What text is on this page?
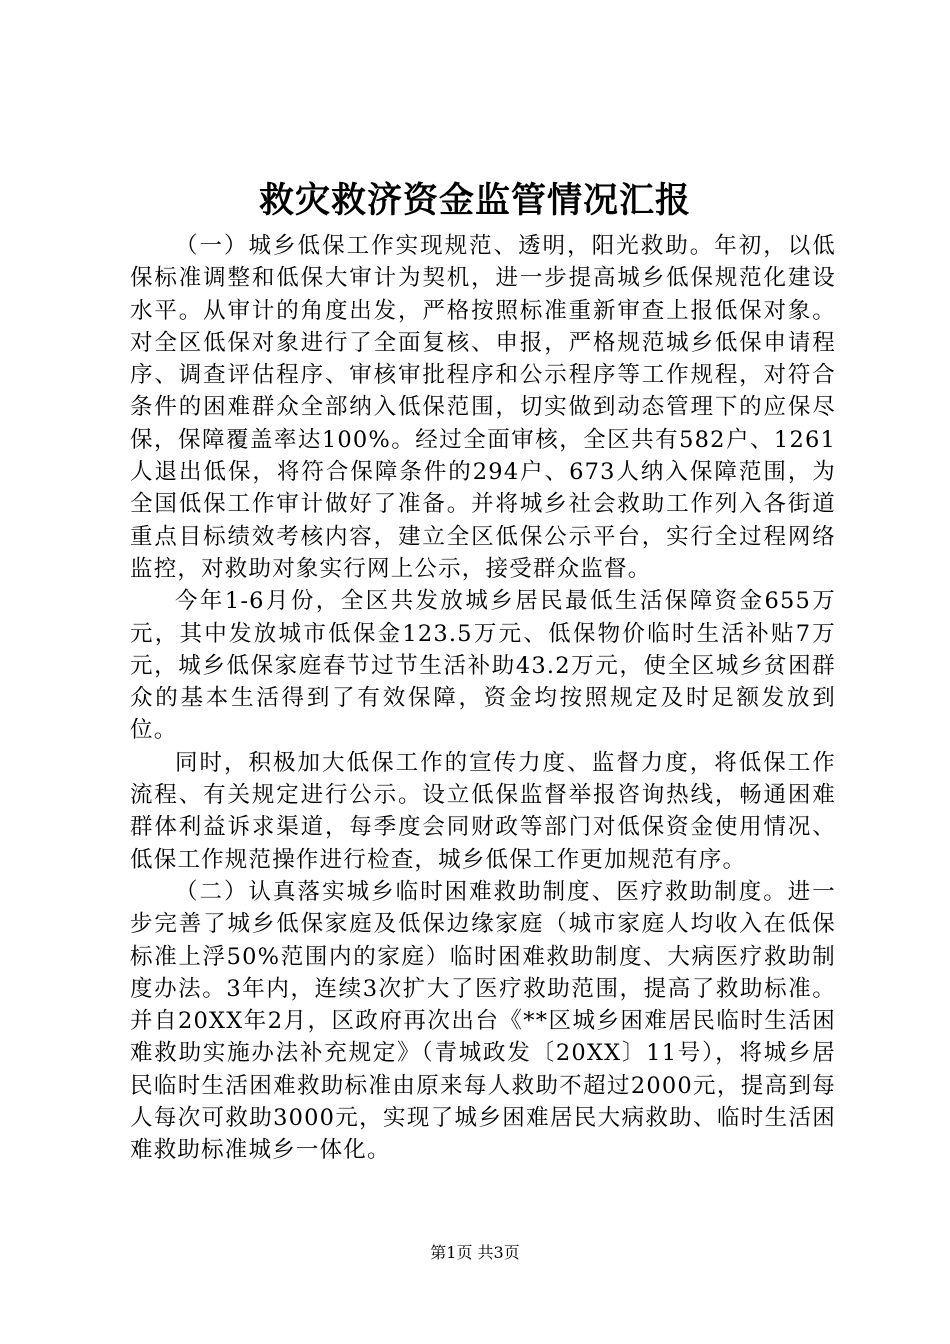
救灾救济资金监管情况汇报

（一）城乡低保工作实现规范、透明，阳光救助。年初，以低保标准调整和低保大审计为契机，进一步提高城乡低保规范化建设水平。从审计的角度出发，严格按照标准重新审查上报低保对象。对全区低保对象进行了全面复核、申报，严格规范城乡低保申请程序、调查评估程序、审核审批程序和公示程序等工作规程，对符合条件的困难群众全部纳入低保范围，切实做到动态管理下的应保尽保，保障覆盖率达100%。经过全面审核，全区共有582户、1261人退出低保，将符合保障条件的294户、673人纳入保障范围，为全国低保工作审计做好了准备。并将城乡社会救助工作列入各街道重点目标绩效考核内容，建立全区低保公示平台，实行全过程网络监控，对救助对象实行网上公示，接受群众监督。

今年1-6月份，全区共发放城乡居民最低生活保障资金655万元，其中发放城市低保金123.5万元、低保物价临时生活补贴7万元，城乡低保家庭春节过节生活补助43.2万元，使全区城乡贫困群众的基本生活得到了有效保障，资金均按照规定及时足额发放到位。

同时，积极加大低保工作的宣传力度、监督力度，将低保工作流程、有关规定进行公示。设立低保监督举报咨询热线，畅通困难群体利益诉求渠道，每季度会同财政等部门对低保资金使用情况、低保工作规范操作进行检查，城乡低保工作更加规范有序。

（二）认真落实城乡临时困难救助制度、医疗救助制度。进一步完善了城乡低保家庭及低保边缘家庭（城市家庭人均收入在低保标准上浮50%范围内的家庭）临时困难救助制度、大病医疗救助制度办法。3年内，连续3次扩大了医疗救助范围，提高了救助标准。并自20XX年2月，区政府再次出台《**区城乡困难居民临时生活困难救助实施办法补充规定》（青城政发〔20XX〕11号），将城乡居民临时生活困难救助标准由原来每人救助不超过2000元，提高到每人每次可救助3000元，实现了城乡困难居民大病救助、临时生活困难救助标准城乡一体化。

第1页 共3页
